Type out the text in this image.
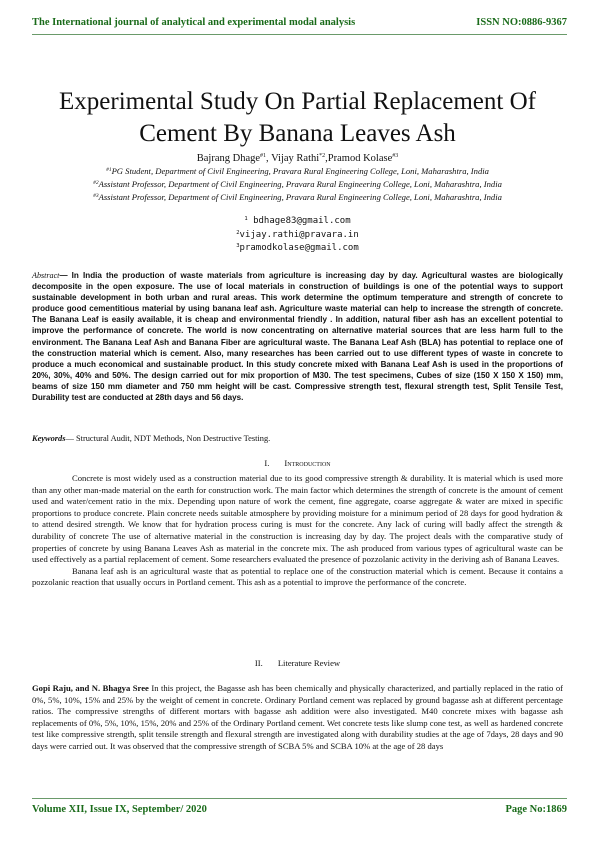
The International journal of analytical and experimental modal analysis	ISSN NO:0886-9367
Experimental Study On Partial Replacement Of
Cement By Banana Leaves Ash
Bajrang Dhage$^{\#1}$, Vijay Rathi$^{*2}$,Pramod Kolase$^{\#3}$
$^{\#1}$PG Student, Department of Civil Engineering, Pravara Rural Engineering College, Loni, Maharashtra, India
$^{\#2}$Assistant Professor, Department of Civil Engineering, Pravara Rural Engineering College, Loni, Maharashtra, India
$^{\#3}$Assistant Professor, Department of Civil Engineering, Pravara Rural Engineering College, Loni, Maharashtra, India
$^1$ bdhage83@gmail.com
$^2$vijay.rathi@pravara.in
$^3$pramodkolase@gmail.com
Abstract— In India the production of waste materials from agriculture is increasing day by day. Agricultural wastes are biologically decomposite in the open exposure. The use of local materials in construction of buildings is one of the potential ways to support sustainable development in both urban and rural areas. This work determine the optimum temperature and strength of concrete to produce good cementitious material by using banana leaf ash. Agriculture waste material can help to increase the strength of concrete. The Banana Leaf is easily available, it is cheap and environmental friendly . In addition, natural fiber ash has an excellent potential to improve the performance of concrete. The world is now concentrating on alternative material sources that are less harm full to the environment. The Banana Leaf Ash and Banana Fiber are agricultural waste. The Banana Leaf Ash (BLA) has potential to replace one of the construction material which is cement. Also, many researches has been carried out to use different types of waste in concrete to produce a much economical and sustainable product. In this study concrete mixed with Banana Leaf Ash is used in the proportions of 20%, 30%, 40% and 50%. The design carried out for mix proportion of M30. The test specimens, Cubes of size (150 X 150 X 150) mm, beams of size 150 mm diameter and 750 mm height will be cast. Compressive strength test, flexural strength test, Split Tensile Test, Durability test are conducted at 28th days and 56 days.
Keywords— Structural Audit, NDT Methods, Non Destructive Testing.
I. Introduction

Concrete is most widely used as a construction material due to its good compressive strength & durability. It is material which is used more than any other man-made material on the earth for construction work. The main factor which determines the strength of concrete is the amount of cement used and water/cement ratio in the mix. Depending upon nature of work the cement, fine aggregate, coarse aggregate & water are mixed in specific proportions to produce concrete. Plain concrete needs suitable atmosphere by providing moisture for a minimum period of 28 days for good hydration & to attend desired strength. We know that for hydration process curing is must for the concrete. Any lack of curing will badly affect the strength & durability of concrete The use of alternative material in the construction is increasing day by day. The project deals with the comparative study of properties of concrete by using Banana Leaves Ash as material in the concrete mix. The ash produced from various types of agricultural waste can be used effectively as a partial replacement of cement. Some researchers evaluated the presence of pozzolanic activity in the deriving ash of Banana Leaves.

Banana leaf ash is an agricultural waste that as potential to replace one of the construction material which is cement. Because it contains a pozzolanic reaction that usually occurs in Portland cement. This ash as a potential to improve the performance of the concrete.

II. Literature Review

Gopi Raju, and N. Bhagya Sree In this project, the Bagasse ash has been chemically and physically characterized, and partially replaced in the ratio of 0%, 5%, 10%, 15% and 25% by the weight of cement in concrete. Ordinary Portland cement was replaced by ground bagasse ash at different percentage ratios. The compressive strengths of different mortars with bagasse ash addition were also investigated. M40 concrete mixes with bagasse ash replacements of 0%, 5%, 10%, 15%, 20% and 25% of the Ordinary Portland cement. Wet concrete tests like slump cone test, as well as hardened concrete test like compressive strength, split tensile strength and flexural strength are investigated along with durability studies at the age of 7days, 28 days and 90 days were carried out. It was observed that the compressive strength of SCBA 5% and SCBA 10% at the age of 28 days

Volume XII, Issue IX, September/ 2020	Page No:1869
